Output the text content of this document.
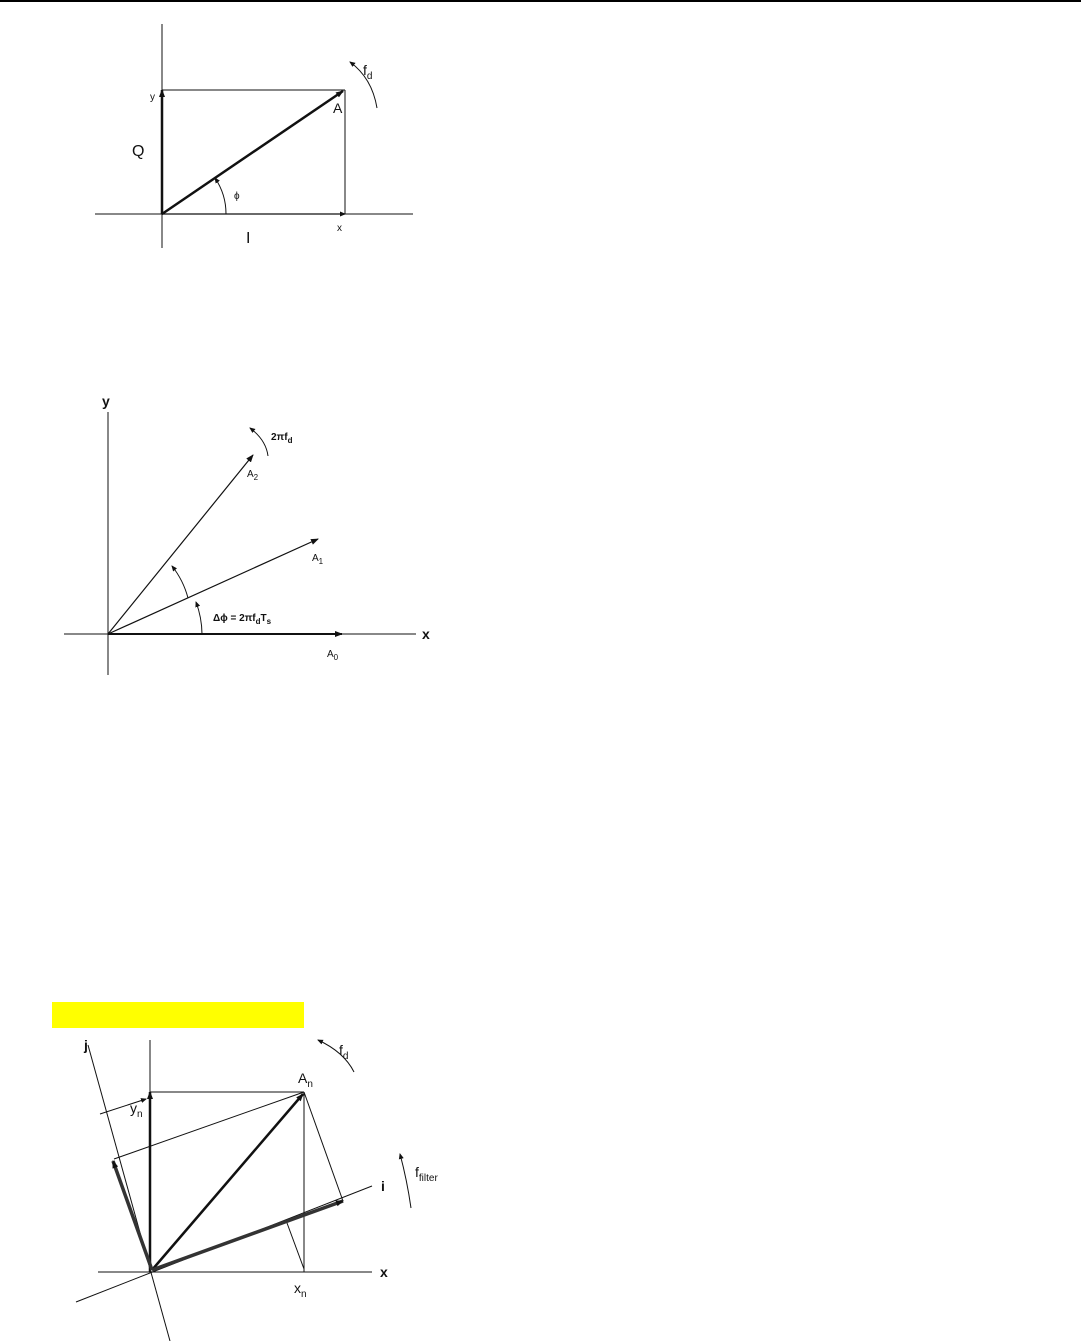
y
x
Q
I
A
ϕ
$f_d$
y
x
$2\pi f_d$
$A_2$
$A_1$
$A_0$
$\Delta\phi = 2\pi f_dT_s$
j
i
x
$f_d$
$A_n$
$y_n$
$x_n$
$f_{filter}$
